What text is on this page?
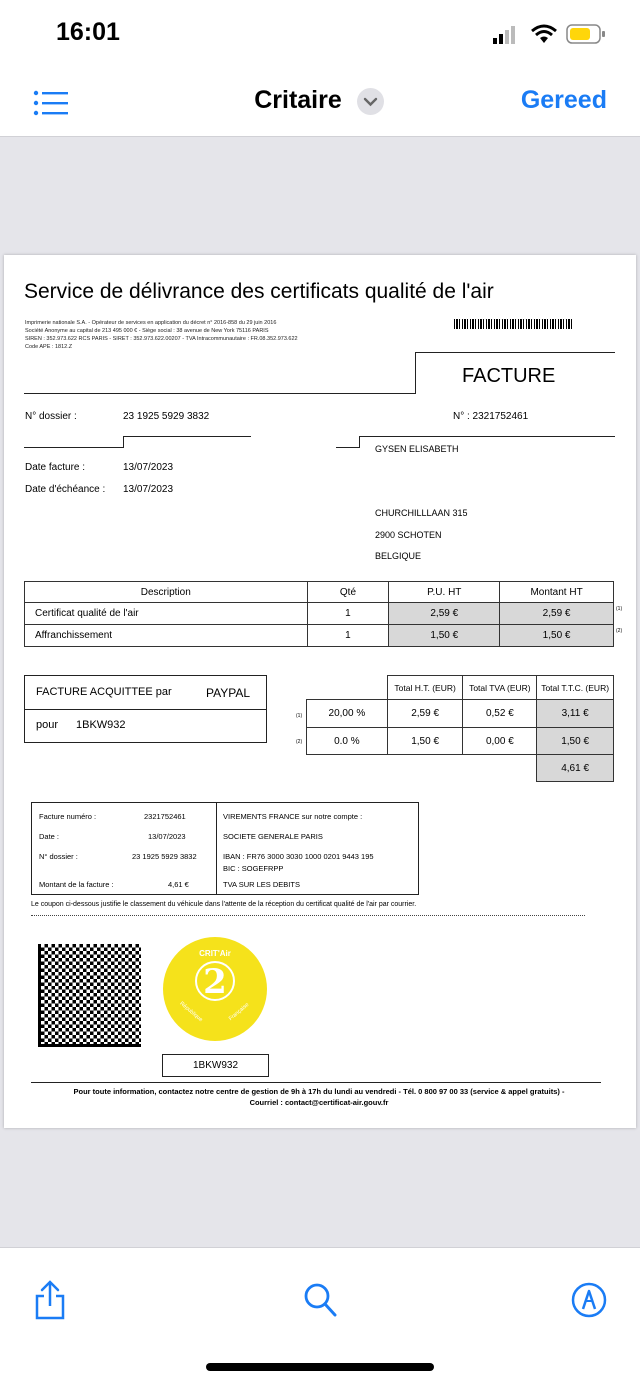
16:01
Critaire	Gereed
Service de délivrance des certificats qualité de l'air
Imprimerie nationale S.A. - Opérateur de services en application du décret n° 2016-858 du 29 juin 2016
Société Anonyme au capital de 213 495 000 € - Siège social : 38 avenue de New York 75116 PARIS
SIREN : 352.973.622 RCS PARIS - SIRET : 352.973.622.00207 - TVA Intracommunautaire : FR.08.352.973.622
Code APE : 1812.Z
FACTURE
N° dossier :	23 1925 5929 3832	N° : 2321752461
GYSEN ELISABETH
Date facture :	13/07/2023
Date d'échéance : 13/07/2023
CHURCHILLLAAN 315
2900 SCHOTEN
BELGIQUE
Description	Qté	P.U. HT	Montant HT
Certificat qualité de l'air	1	2,59 €	2,59 €
Affranchissement	1	1,50 €	1,50 €
(1)
(2)
FACTURE ACQUITTEE par	PAYPAL
pour 1BKW932
	Total H.T. (EUR)	Total TVA (EUR)	Total T.T.C. (EUR)
20,00 %	2,59 €	0,52 €	3,11 €
0.0 %	1,50 €	0,00 €	1,50 €
			4,61 €
(1)
(2)
Facture numéro :	2321752461
Date :	13/07/2023
N° dossier :	23 1925 5929 3832
Montant de la facture :	4,61 €
VIREMENTS FRANCE sur notre compte :
SOCIETE GENERALE PARIS
IBAN : FR76 3000 3030 1000 0201 9443 195
BIC : SOGEFRPP
TVA SUR LES DEBITS
Le coupon ci-dessous justifie le classement du véhicule dans l'attente de la réception du certificat qualité de l'air par courrier.
CRIT'Air
2
République	Française
1BKW932
Pour toute information, contactez notre centre de gestion de 9h à 17h du lundi au vendredi - Tél. 0 800 97 00 33 (service & appel gratuits) -
Courriel : contact@certificat-air.gouv.fr
